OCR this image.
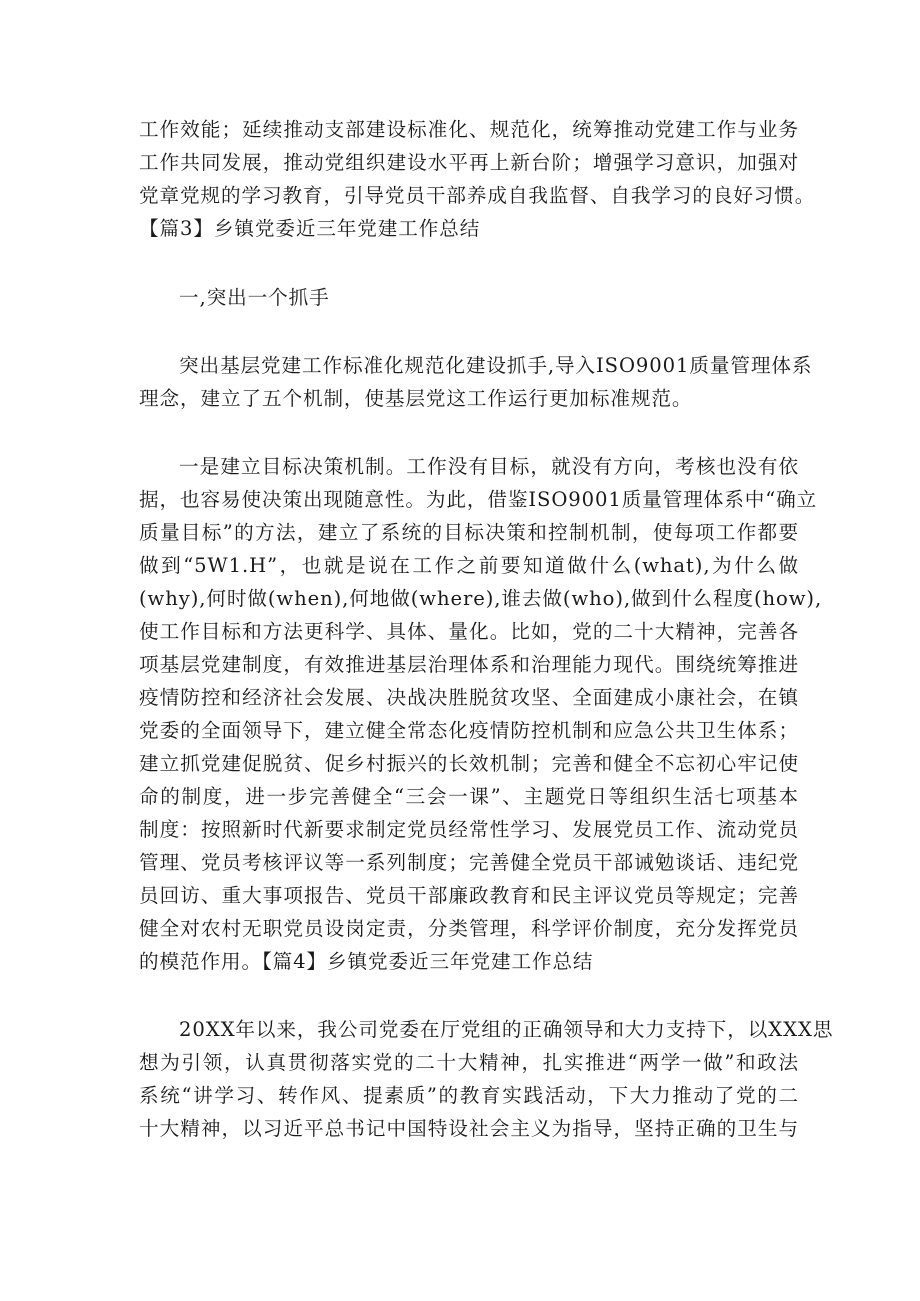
工作效能；延续推动支部建设标准化、规范化，统筹推动党建工作与业务
工作共同发展，推动党组织建设水平再上新台阶；增强学习意识，加强对
党章党规的学习教育，引导党员干部养成自我监督、自我学习的良好习惯。
【篇3】乡镇党委近三年党建工作总结
一,突出一个抓手
突出基层党建工作标准化规范化建设抓手,导入ISO9001质量管理体系
理念，建立了五个机制，使基层党这工作运行更加标准规范。
一是建立目标决策机制。工作没有目标，就没有方向，考核也没有依
据，也容易使决策出现随意性。为此，借鉴ISO9001质量管理体系中“确立
质量目标”的方法，建立了系统的目标决策和控制机制，使每项工作都要
做到“5W1.H”，也就是说在工作之前要知道做什么(what),为什么做
(why),何时做(when),何地做(where),谁去做(who),做到什么程度(how),
使工作目标和方法更科学、具体、量化。比如，党的二十大精神，完善各
项基层党建制度，有效推进基层治理体系和治理能力现代。围绕统筹推进
疫情防控和经济社会发展、决战决胜脱贫攻坚、全面建成小康社会，在镇
党委的全面领导下，建立健全常态化疫情防控机制和应急公共卫生体系；
建立抓党建促脱贫、促乡村振兴的长效机制；完善和健全不忘初心牢记使
命的制度，进一步完善健全“三会一课”、主题党日等组织生活七项基本
制度：按照新时代新要求制定党员经常性学习、发展党员工作、流动党员
管理、党员考核评议等一系列制度；完善健全党员干部诫勉谈话、违纪党
员回访、重大事项报告、党员干部廉政教育和民主评议党员等规定；完善
健全对农村无职党员设岗定责，分类管理，科学评价制度，充分发挥党员
的模范作用。【篇4】乡镇党委近三年党建工作总结
20XX年以来，我公司党委在厅党组的正确领导和大力支持下，以XXX思
想为引领，认真贯彻落实党的二十大精神，扎实推进“两学一做”和政法
系统“讲学习、转作风、提素质”的教育实践活动，下大力推动了党的二
十大精神，以习近平总书记中国特设社会主义为指导，坚持正确的卫生与
